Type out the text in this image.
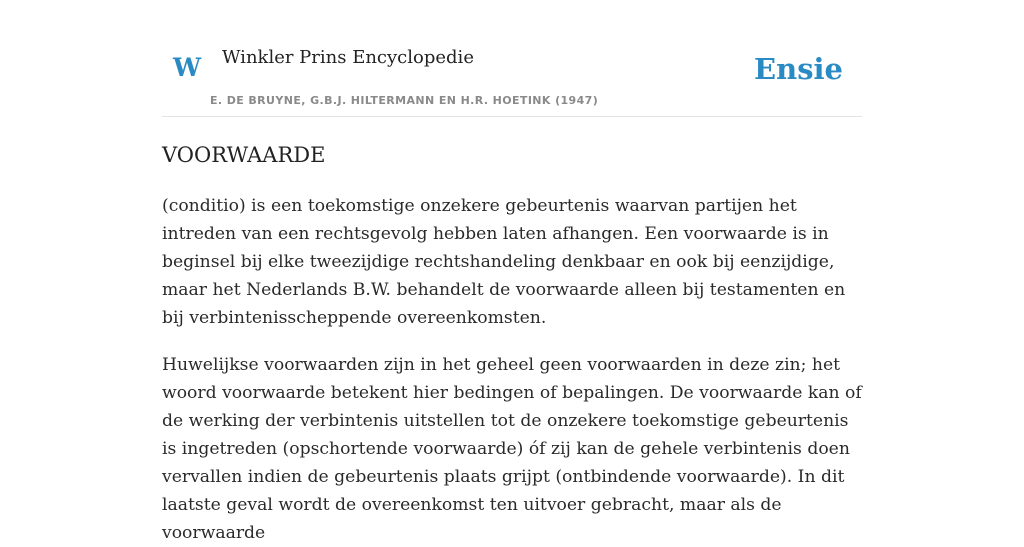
W Winkler Prins Encyclopedie
E. DE BRUYNE, G.B.J. HILTERMANN EN H.R. HOETINK (1947)
Ensie
VOORWAARDE

(conditio) is een toekomstige onzekere gebeurtenis waarvan partijen het intreden van een rechtsgevolg hebben laten afhangen. Een voorwaarde is in beginsel bij elke tweezijdige rechtshandeling denkbaar en ook bij eenzijdige, maar het Nederlands B.W. behandelt de voorwaarde alleen bij testamenten en bij verbintenisscheppende overeenkomsten.

Huwelijkse voorwaarden zijn in het geheel geen voorwaarden in deze zin; het woord voorwaarde betekent hier bedingen of bepalingen. De voorwaarde kan of de werking der verbintenis uitstellen tot de onzekere toekomstige gebeurtenis is ingetreden (opschortende voorwaarde) óf zij kan de gehele verbintenis doen vervallen indien de gebeurtenis plaats grijpt (ontbindende voorwaarde). In dit laatste geval wordt de overeenkomst ten uitvoer gebracht, maar als de voorwaarde
